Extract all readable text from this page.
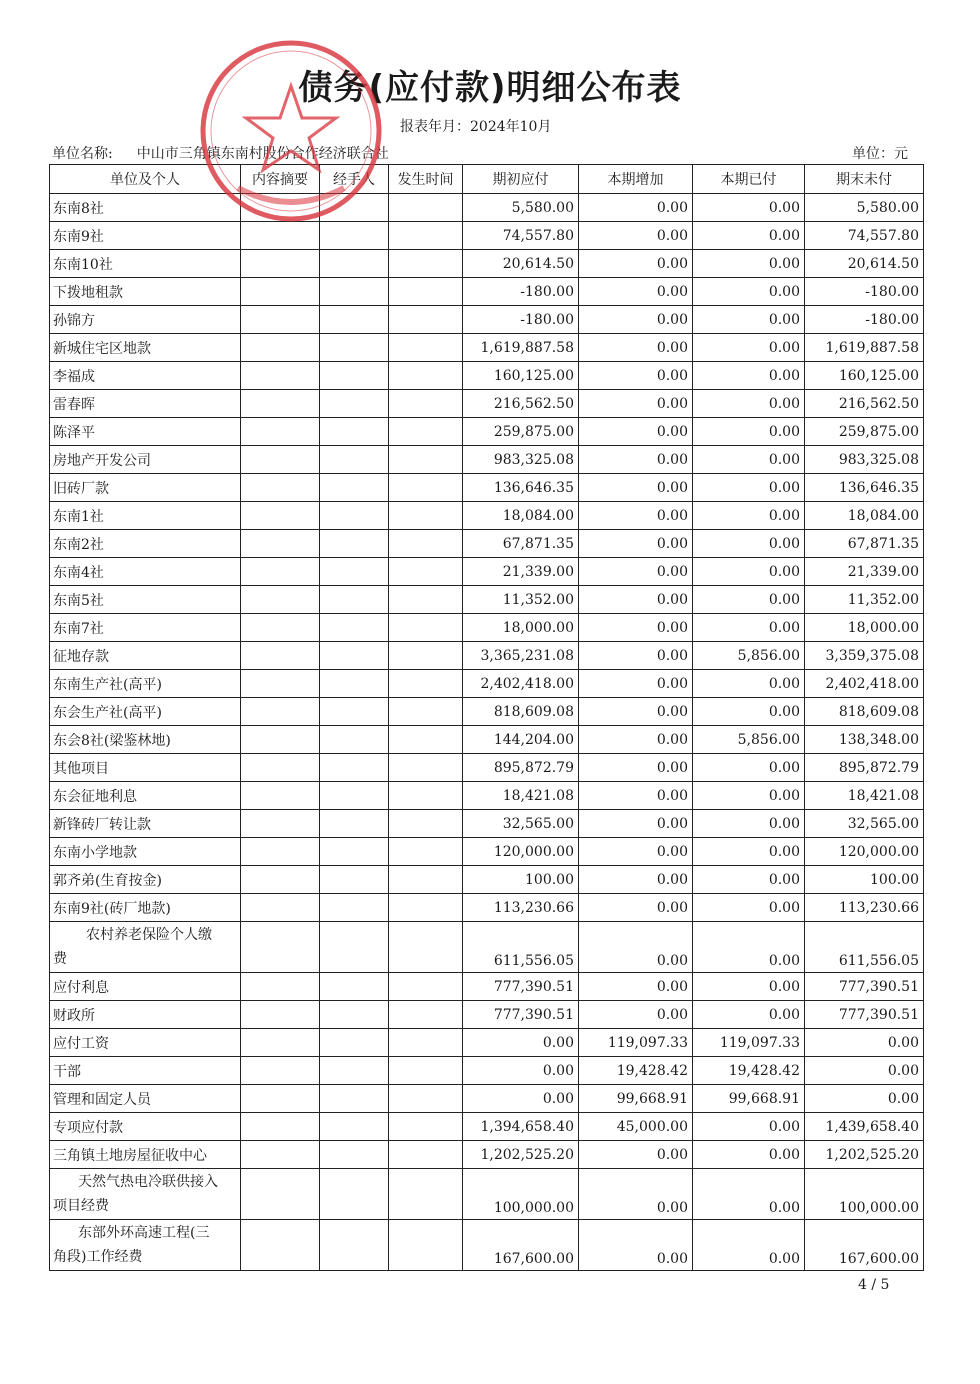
债务(应付款)明细公布表
报表年月：2024年10月
单位名称: 中山市三角镇东南村股份合作经济联合社	单位：元
单位及个人	内容摘要	经手人	发生时间	期初应付	本期增加	本期已付	期末未付
东南8社				5,580.00	0.00	0.00	5,580.00
东南9社				74,557.80	0.00	0.00	74,557.80
东南10社				20,614.50	0.00	0.00	20,614.50
下拨地租款				-180.00	0.00	0.00	-180.00
孙锦方				-180.00	0.00	0.00	-180.00
新城住宅区地款				1,619,887.58	0.00	0.00	1,619,887.58
李福成				160,125.00	0.00	0.00	160,125.00
雷春晖				216,562.50	0.00	0.00	216,562.50
陈泽平				259,875.00	0.00	0.00	259,875.00
房地产开发公司				983,325.08	0.00	0.00	983,325.08
旧砖厂款				136,646.35	0.00	0.00	136,646.35
东南1社				18,084.00	0.00	0.00	18,084.00
东南2社				67,871.35	0.00	0.00	67,871.35
东南4社				21,339.00	0.00	0.00	21,339.00
东南5社				11,352.00	0.00	0.00	11,352.00
东南7社				18,000.00	0.00	0.00	18,000.00
征地存款				3,365,231.08	0.00	5,856.00	3,359,375.08
东南生产社(高平)				2,402,418.00	0.00	0.00	2,402,418.00
东会生产社(高平)				818,609.08	0.00	0.00	818,609.08
东会8社(梁鉴林地)				144,204.00	0.00	5,856.00	138,348.00
其他项目				895,872.79	0.00	0.00	895,872.79
东会征地利息				18,421.08	0.00	0.00	18,421.08
新锋砖厂转让款				32,565.00	0.00	0.00	32,565.00
东南小学地款				120,000.00	0.00	0.00	120,000.00
郭齐弟(生育按金)				100.00	0.00	0.00	100.00
东南9社(砖厂地款)				113,230.66	0.00	0.00	113,230.66

农村养老保险个人缴
费				611,556.05	0.00	0.00	611,556.05
应付利息				777,390.51	0.00	0.00	777,390.51
财政所				777,390.51	0.00	0.00	777,390.51
应付工资				0.00	119,097.33	119,097.33	0.00
干部				0.00	19,428.42	19,428.42	0.00
管理和固定人员				0.00	99,668.91	99,668.91	0.00
专项应付款				1,394,658.40	45,000.00	0.00	1,439,658.40
三角镇土地房屋征收中心				1,202,525.20	0.00	0.00	1,202,525.20

天然气热电冷联供接入
项目经费				100,000.00	0.00	0.00	100,000.00

东部外环高速工程(三
角段)工作经费				167,600.00	0.00	0.00	167,600.00
4 / 5
